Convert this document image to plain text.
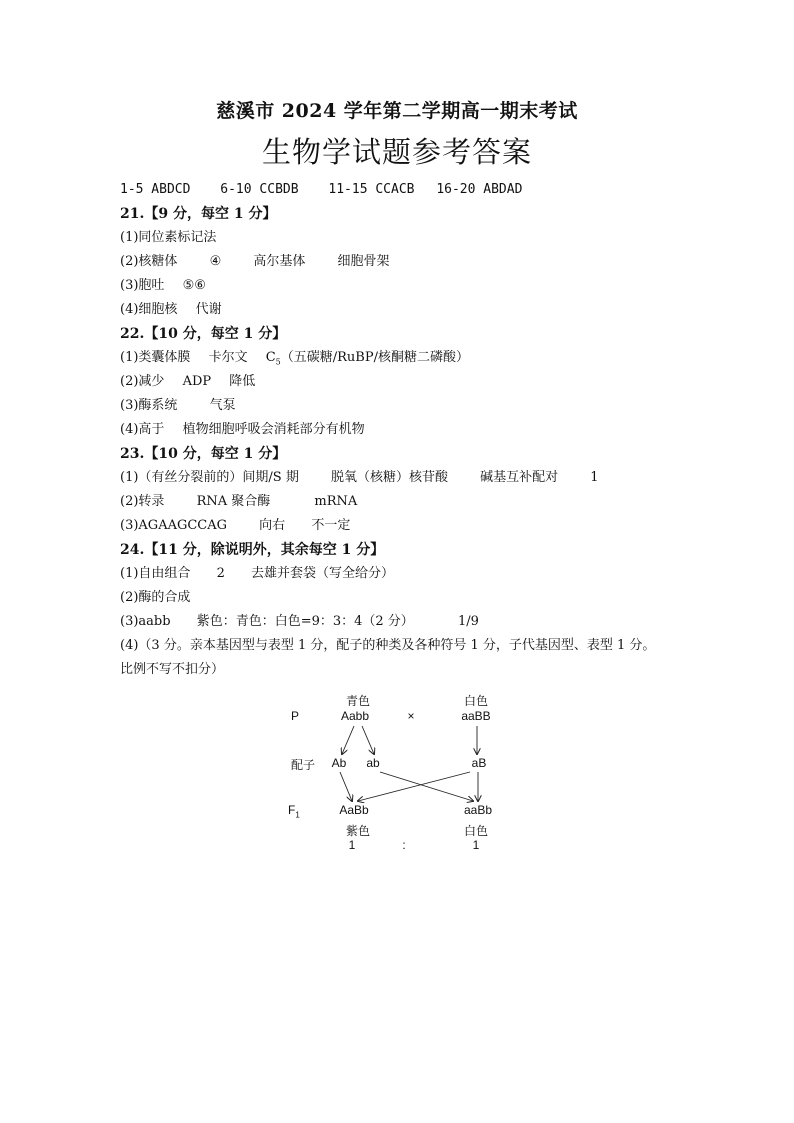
慈溪市 2024 学年第二学期高一期末考试
生物学试题参考答案
1-5 ABDCD 6-10 CCBDB 11-15 CCACB 16-20 ABDAD
21.【9 分，每空 1 分】
(1)同位素标记法
(2)核糖体 ④ 高尔基体 细胞骨架
(3)胞吐 ⑤⑥
(4)细胞核 代谢
22.【10 分，每空 1 分】
(1)类囊体膜 卡尔文 $C_5$（五碳糖/RuBP/核酮糖二磷酸）
(2)减少 ADP 降低
(3)酶系统 气泵
(4)高于 植物细胞呼吸会消耗部分有机物
23.【10 分，每空 1 分】
(1)（有丝分裂前的）间期/S 期 脱氧（核糖）核苷酸 碱基互补配对 1
(2)转录 RNA 聚合酶	mRNA
(3)AGAAGCCAG 向右 不一定
24.【11 分，除说明外，其余每空 1 分】
(1)自由组合 2 去雄并套袋（写全给分）
(2)酶的合成
(3)aabb 紫色：青色：白色=9：3：4（2 分）	1/9
(4)（3 分。亲本基因型与表型 1 分，配子的种类及各种符号 1 分，子代基因型、表型 1 分。
比例不写不扣分）
青色	白色
P	Aabb	×	aaBB
配子 Ab ab	aB
$F_1$	AaBb	aaBb
紫色	白色
1	:	1
